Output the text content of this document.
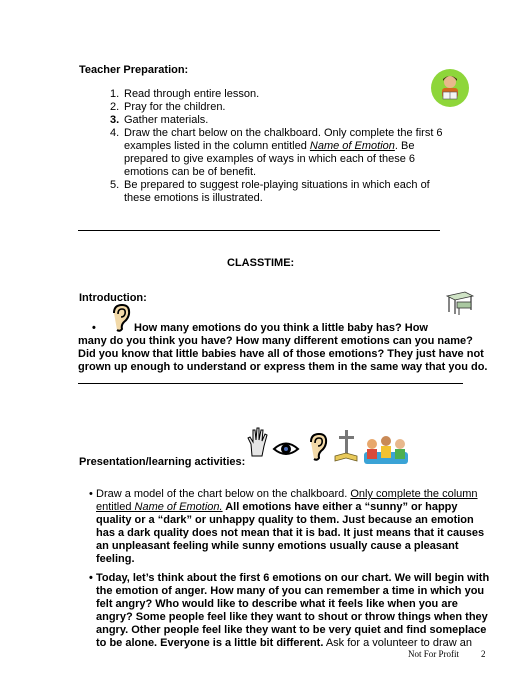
Teacher Preparation:
1. Read through entire lesson.
2. Pray for the children.
3. Gather materials.
4. Draw the chart below on the chalkboard. Only complete the first 6 examples listed in the column entitled Name of Emotion. Be prepared to give examples of ways in which each of these 6 emotions can be of benefit.
5. Be prepared to suggest role-playing situations in which each of these emotions is illustrated.
CLASSTIME:
Introduction:
•	How many emotions do you think a little baby has? How
many do you think you have? How many different emotions can you name? Did you know that little babies have all of those emotions? They just have not grown up enough to understand or express them in the same way that you do.
Presentation/learning activities:
• Draw a model of the chart below on the chalkboard. Only complete the column entitled Name of Emotion. All emotions have either a “sunny” or happy quality or a “dark” or unhappy quality to them. Just because an emotion has a dark quality does not mean that it is bad. It just means that it causes an unpleasant feeling while sunny emotions usually cause a pleasant feeling.
• Today, let’s think about the first 6 emotions on our chart. We will begin with the emotion of anger. How many of you can remember a time in which you felt angry? Who would like to describe what it feels like when you are angry? Some people feel like they want to shout or throw things when they angry. Other people feel like they want to be very quiet and find someplace to be alone. Everyone is a little bit different. Ask for a volunteer to draw an
Not For Profit 2
